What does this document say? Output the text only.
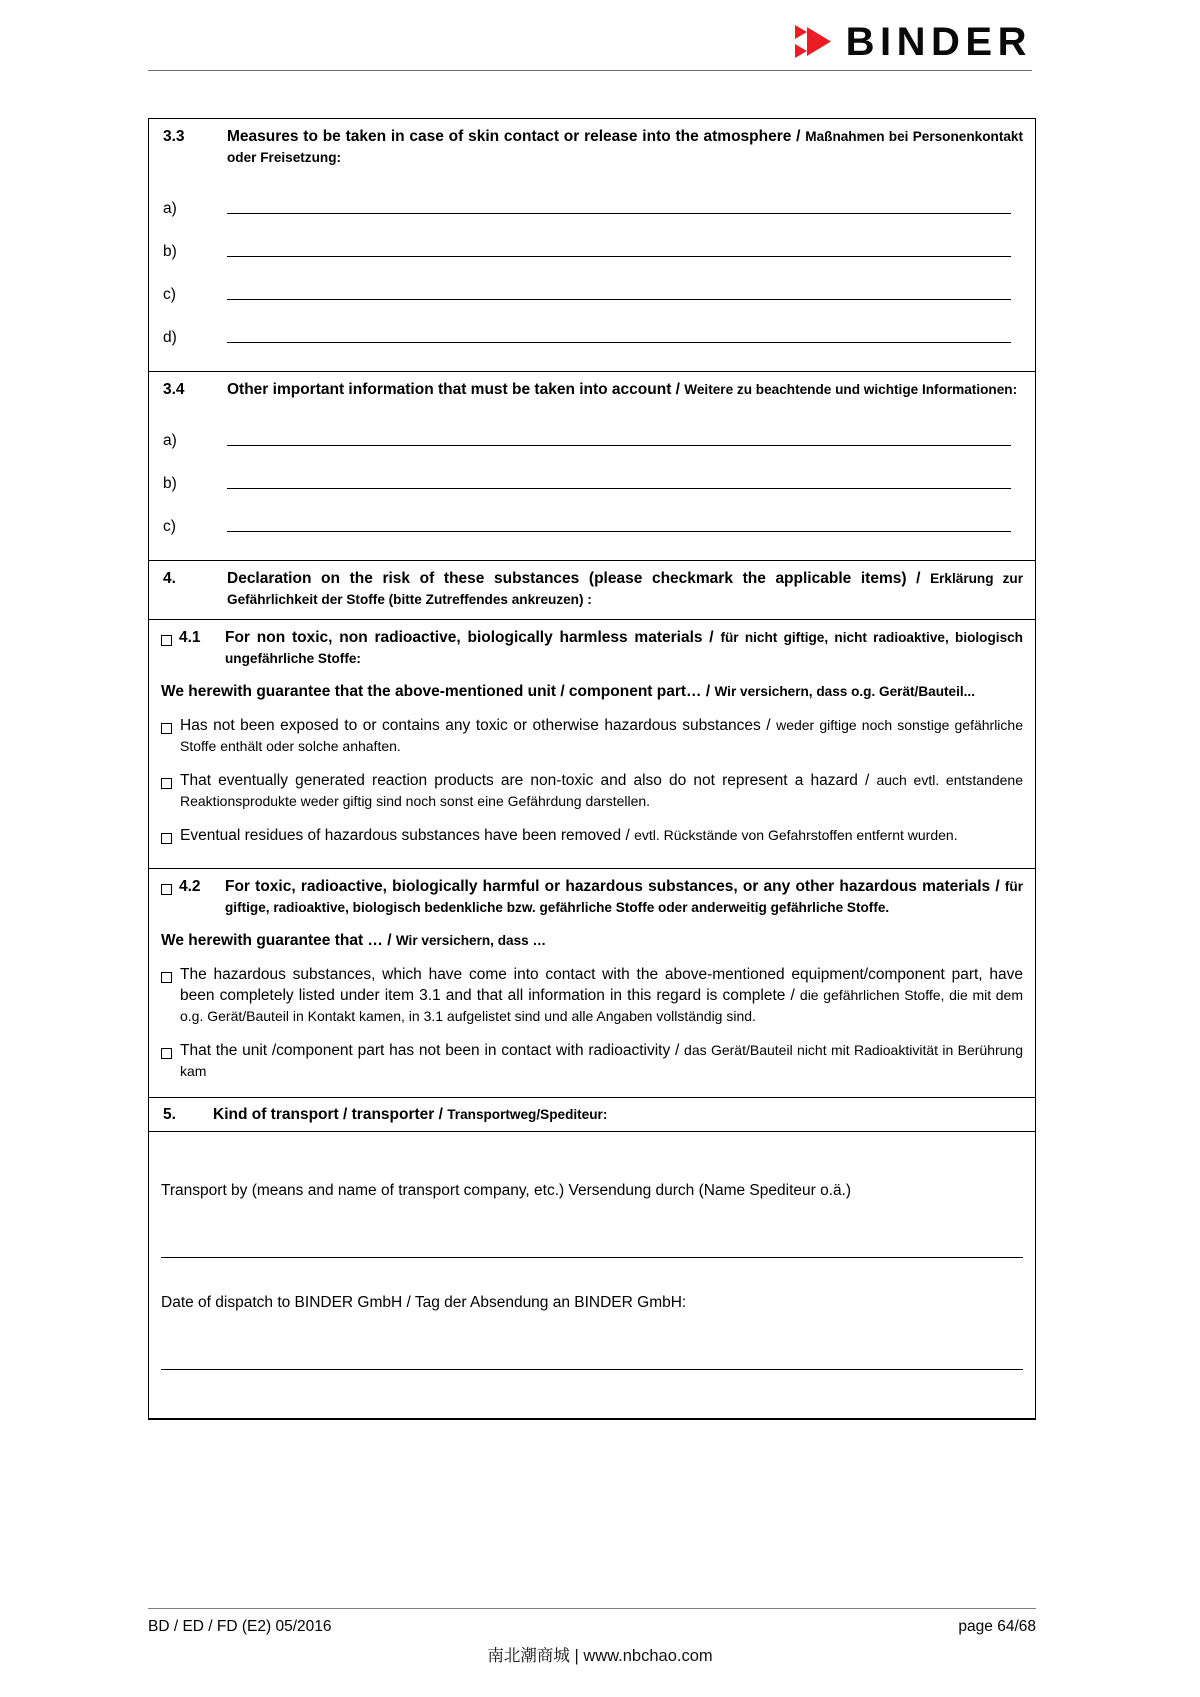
BINDER
3.3	Measures to be taken in case of skin contact or release into the atmosphere / Maßnahmen bei Personenkontakt oder Freisetzung:
a)
b)
c)
d)
3.4	Other important information that must be taken into account / Weitere zu beachtende und wichtige Informationen:
a)
b)
c)
4.	Declaration on the risk of these substances (please checkmark the applicable items) / Erklärung zur Gefährlichkeit der Stoffe (bitte Zutreffendes ankreuzen) :
4.1	For non toxic, non radioactive, biologically harmless materials / für nicht giftige, nicht radioaktive, biologisch ungefährliche Stoffe:
We herewith guarantee that the above-mentioned unit / component part… / Wir versichern, dass o.g. Gerät/Bauteil...
Has not been exposed to or contains any toxic or otherwise hazardous substances / weder giftige noch sonstige gefährliche Stoffe enthält oder solche anhaften.
That eventually generated reaction products are non-toxic and also do not represent a hazard / auch evtl. entstandene Reaktionsprodukte weder giftig sind noch sonst eine Gefährdung darstellen.
Eventual residues of hazardous substances have been removed / evtl. Rückstände von Gefahrstoffen entfernt wurden.
4.2	For toxic, radioactive, biologically harmful or hazardous substances, or any other hazardous materials / für giftige, radioaktive, biologisch bedenkliche bzw. gefährliche Stoffe oder anderweitig gefährliche Stoffe.
We herewith guarantee that … / Wir versichern, dass …
The hazardous substances, which have come into contact with the above-mentioned equipment/component part, have been completely listed under item 3.1 and that all information in this regard is complete / die gefährlichen Stoffe, die mit dem o.g. Gerät/Bauteil in Kontakt kamen, in 3.1 aufgelistet sind und alle Angaben vollständig sind.
That the unit /component part has not been in contact with radioactivity / das Gerät/Bauteil nicht mit Radioaktivität in Berührung kam
5.	Kind of transport / transporter / Transportweg/Spediteur:
Transport by (means and name of transport company, etc.) Versendung durch (Name Spediteur o.ä.)
Date of dispatch to BINDER GmbH / Tag der Absendung an BINDER GmbH:
BD / ED / FD (E2) 05/2016	page 64/68
南北潮商城 | www.nbchao.com
